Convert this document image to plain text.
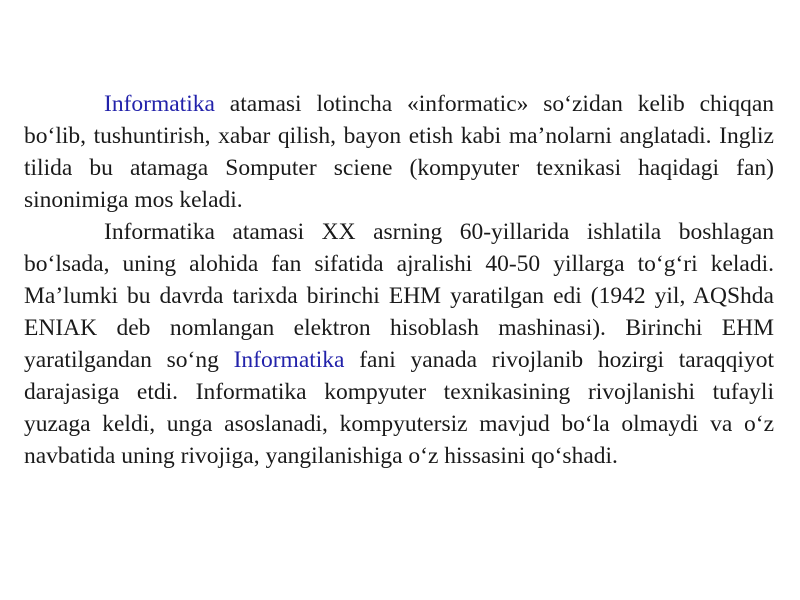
Informatika atamasi lotincha «informatic» so‘zidan kelib chiqqan bo‘lib, tushuntirish, xabar qilish, bayon etish kabi ma’nolarni anglatadi. Ingliz tilida bu atamaga Somputer sciene (kompyuter texnikasi haqidagi fan) sinonimiga mos keladi.

Informatika atamasi XX asrning 60-yillarida ishlatila boshlagan bo‘lsada, uning alohida fan sifatida ajralishi 40-50 yillarga to‘g‘ri keladi. Ma’lumki bu davrda tarixda birinchi EHM yaratilgan edi (1942 yil, AQShda ENIAK deb nomlangan elektron hisoblash mashinasi). Birinchi EHM yaratilgandan so‘ng Informatika fani yanada rivojlanib hozirgi taraqqiyot darajasiga etdi. Informatika kompyuter texnikasining rivojlanishi tufayli yuzaga keldi, unga asoslanadi, kompyutersiz mavjud bo‘la olmaydi va o‘z navbatida uning rivojiga, yangilanishiga o‘z hissasini qo‘shadi.
